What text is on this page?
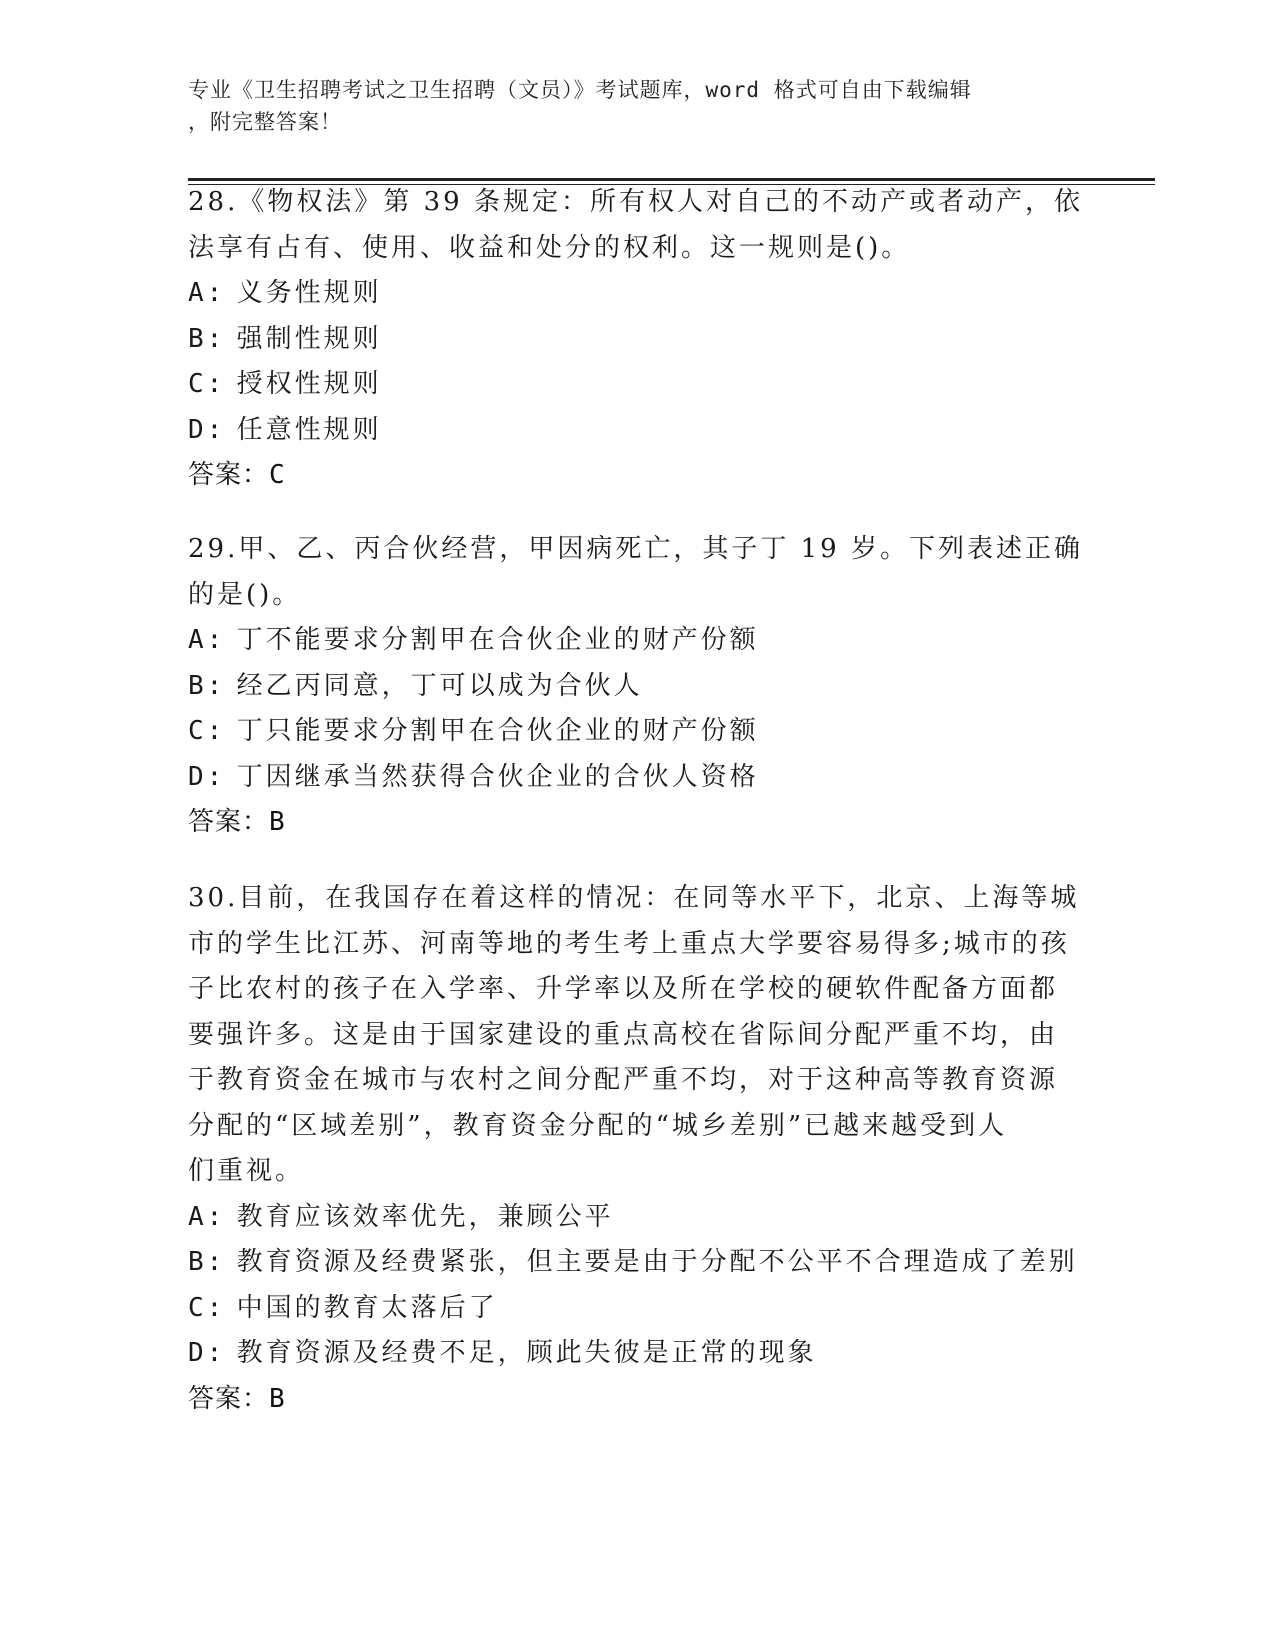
专业《卫生招聘考试之卫生招聘（文员）》考试题库，word 格式可自由下载编辑
，附完整答案！
28.《物权法》第 39 条规定：所有权人对自己的不动产或者动产，依
法享有占有、使用、收益和处分的权利。这一规则是()。
A: 义务性规则
B: 强制性规则
C: 授权性规则
D: 任意性规则
答案：C
29.甲、乙、丙合伙经营，甲因病死亡，其子丁 19 岁。下列表述正确
的是()。
A: 丁不能要求分割甲在合伙企业的财产份额
B: 经乙丙同意，丁可以成为合伙人
C: 丁只能要求分割甲在合伙企业的财产份额
D: 丁因继承当然获得合伙企业的合伙人资格
答案：B
30.目前，在我国存在着这样的情况：在同等水平下，北京、上海等城
市的学生比江苏、河南等地的考生考上重点大学要容易得多;城市的孩
子比农村的孩子在入学率、升学率以及所在学校的硬软件配备方面都
要强许多。这是由于国家建设的重点高校在省际间分配严重不均，由
于教育资金在城市与农村之间分配严重不均，对于这种高等教育资源
分配的“区域差别”，教育资金分配的“城乡差别”已越来越受到人
们重视。
A: 教育应该效率优先，兼顾公平
B: 教育资源及经费紧张，但主要是由于分配不公平不合理造成了差别
C: 中国的教育太落后了
D: 教育资源及经费不足，顾此失彼是正常的现象
答案：B
